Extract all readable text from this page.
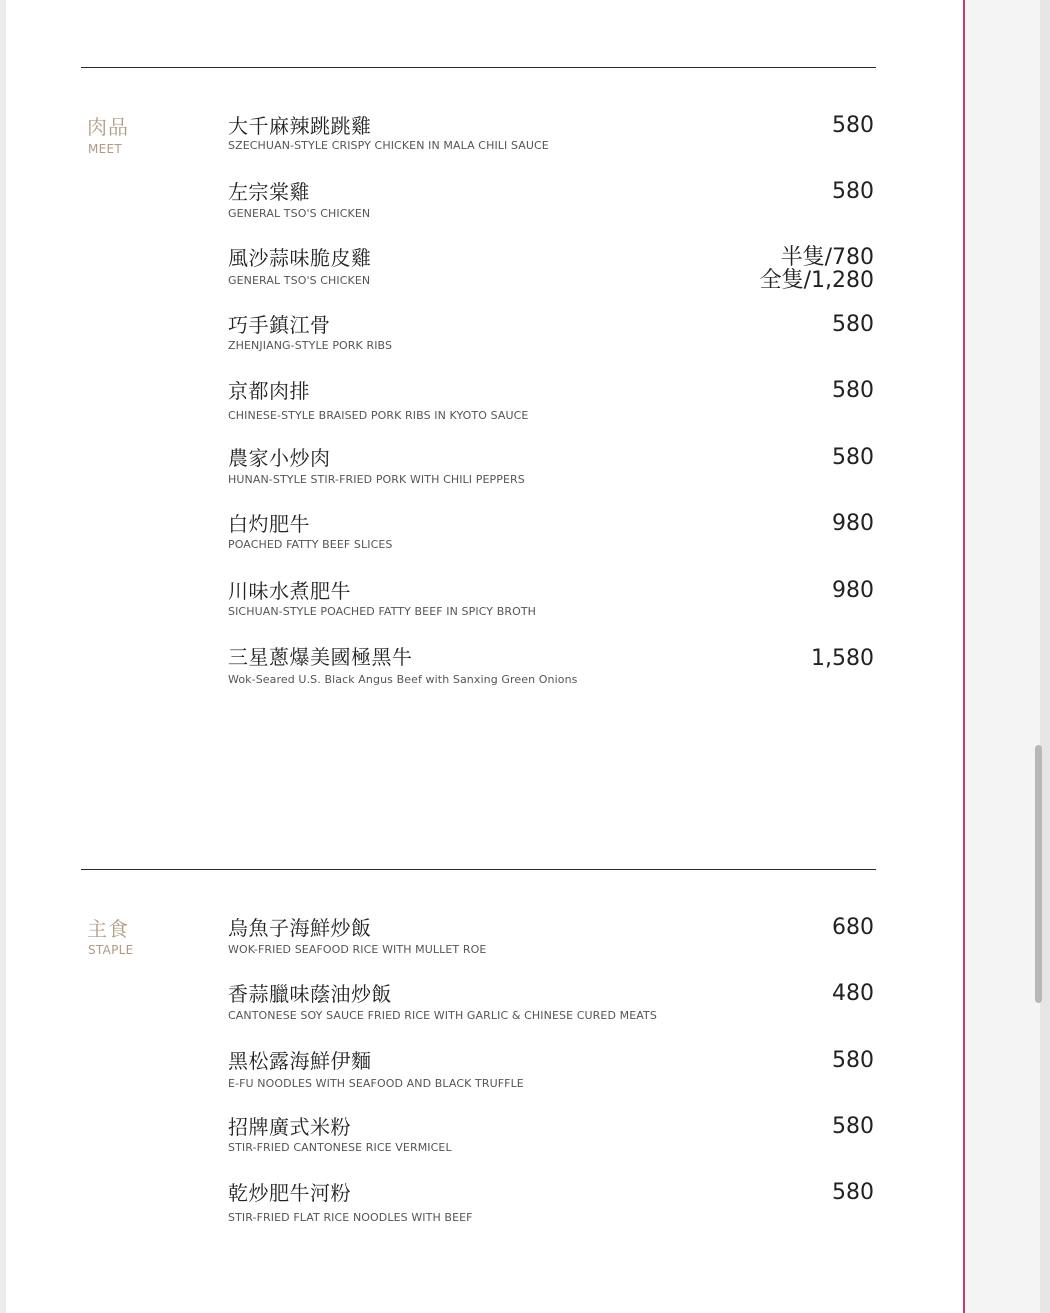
肉品
MEET
大千麻辣跳跳雞
SZECHUAN-STYLE CRISPY CHICKEN IN MALA CHILI SAUCE
580
左宗棠雞
GENERAL TSO'S CHICKEN
580
風沙蒜味脆皮雞
GENERAL TSO'S CHICKEN
半隻/780
全隻/1,280
巧手鎮江骨
ZHENJIANG-STYLE PORK RIBS
580
京都肉排
CHINESE-STYLE BRAISED PORK RIBS IN KYOTO SAUCE
580
農家小炒肉
HUNAN-STYLE STIR-FRIED PORK WITH CHILI PEPPERS
580
白灼肥牛
POACHED FATTY BEEF SLICES
980
川味水煮肥牛
SICHUAN-STYLE POACHED FATTY BEEF IN SPICY BROTH
980
三星蔥爆美國極黑牛
Wok-Seared U.S. Black Angus Beef with Sanxing Green Onions
1,580
主食
STAPLE
烏魚子海鮮炒飯
WOK-FRIED SEAFOOD RICE WITH MULLET ROE
680
香蒜臘味蔭油炒飯
CANTONESE SOY SAUCE FRIED RICE WITH GARLIC & CHINESE CURED MEATS
480
黑松露海鮮伊麵
E-FU NOODLES WITH SEAFOOD AND BLACK TRUFFLE
580
招牌廣式米粉
STIR-FRIED CANTONESE RICE VERMICEL
580
乾炒肥牛河粉
STIR-FRIED FLAT RICE NOODLES WITH BEEF
580
